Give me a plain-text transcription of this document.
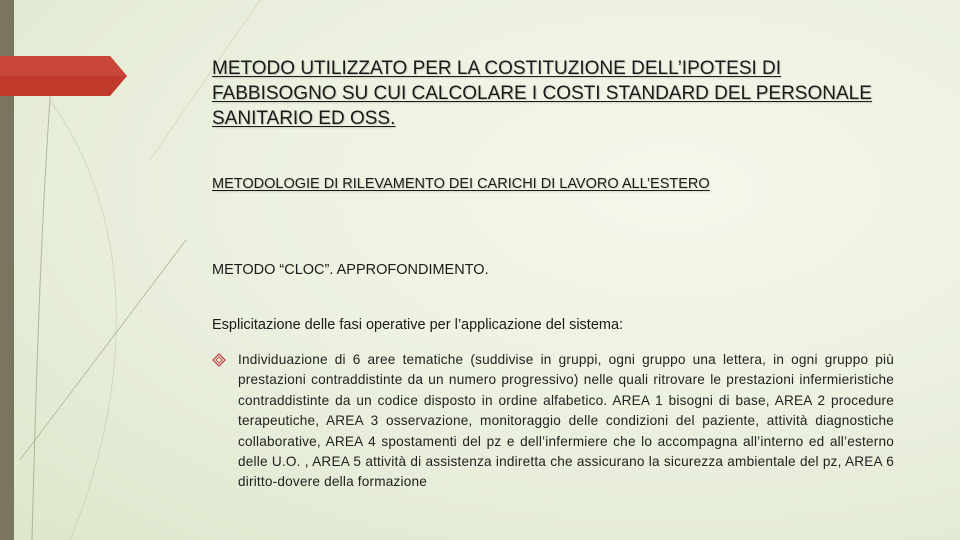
METODO UTILIZZATO PER LA COSTITUZIONE DELL’IPOTESI DI FABBISOGNO SU CUI CALCOLARE I COSTI STANDARD DEL PERSONALE SANITARIO ED OSS.

METODOLOGIE DI RILEVAMENTO DEI CARICHI DI LAVORO ALL’ESTERO

METODO “CLOC”. APPROFONDIMENTO.

Esplicitazione delle fasi operative per l’applicazione del sistema:

Individuazione di 6 aree tematiche (suddivise in gruppi, ogni gruppo una lettera, in ogni gruppo più prestazioni contraddistinte da un numero progressivo) nelle quali ritrovare le prestazioni infermieristiche contraddistinte da un codice disposto in ordine alfabetico. AREA 1 bisogni di base, AREA 2 procedure terapeutiche, AREA 3 osservazione, monitoraggio delle condizioni del paziente, attività diagnostiche collaborative, AREA 4 spostamenti del pz e dell’infermiere che lo accompagna all’interno ed all’esterno delle U.O. , AREA 5 attività di assistenza indiretta che assicurano la sicurezza ambientale del pz, AREA 6 diritto-dovere della formazione
